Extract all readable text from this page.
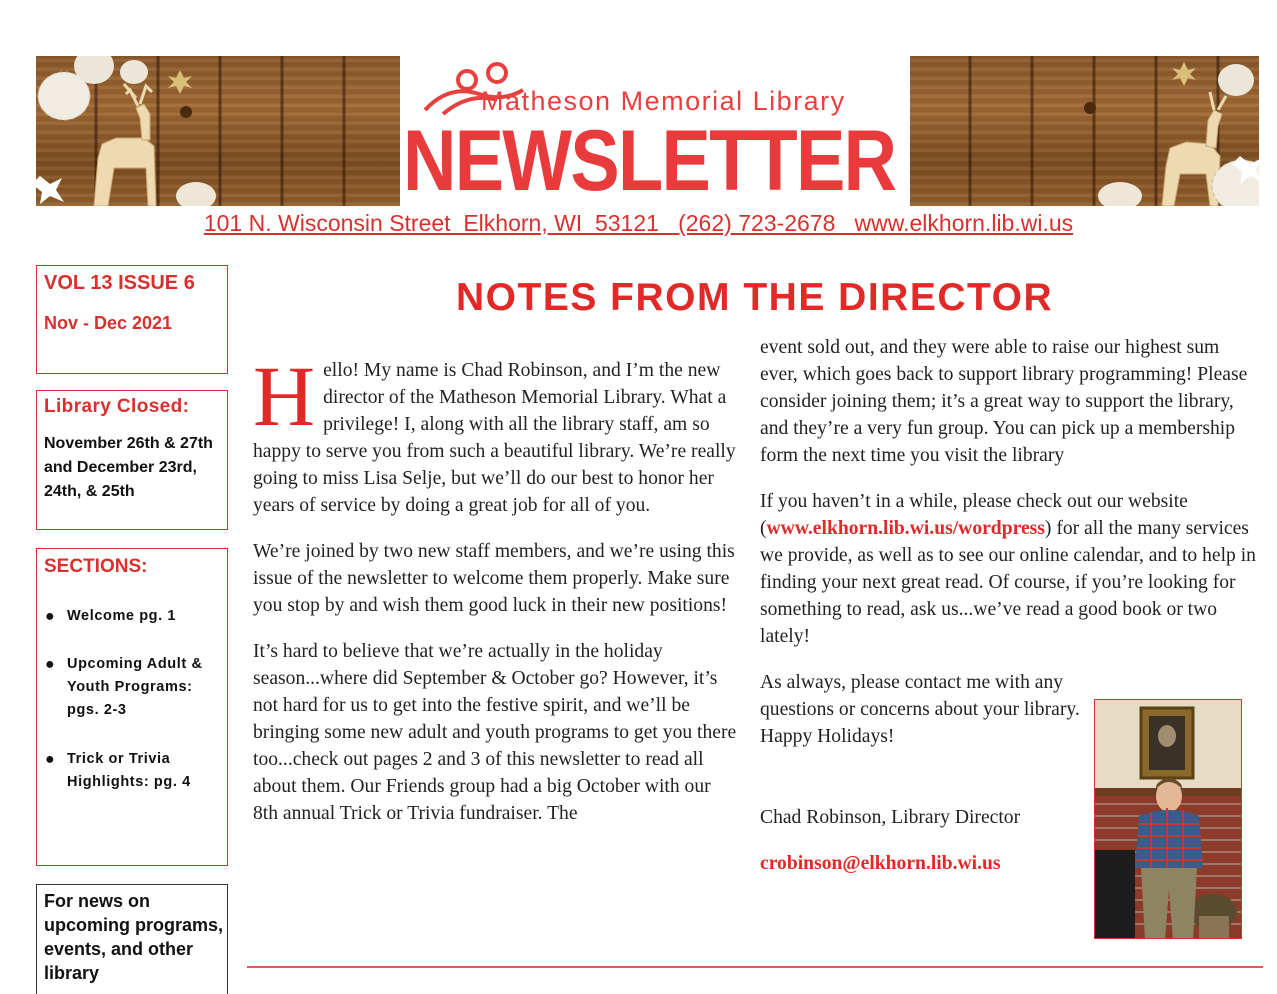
Matheson Memorial Library
NEWSLETTER
101 N. Wisconsin Street  Elkhorn, WI  53121   (262) 723-2678   www.elkhorn.lib.wi.us
VOL 13 ISSUE 6
Nov - Dec 2021
Library Closed:
November 26th & 27th and December 23rd, 24th, & 25th
SECTIONS:
● Welcome pg. 1
● Upcoming Adult & Youth Programs: pgs. 2-3
● Trick or Trivia Highlights: pg. 4
For news on upcoming programs, events, and other library
NOTES FROM THE DIRECTOR

H ello! My name is Chad Robinson, and I’m the new director of the Matheson Memorial Library. What a privilege! I, along with all the library staff, am so happy to serve you from such a beautiful library. We’re really going to miss Lisa Selje, but we’ll do our best to honor her years of service by doing a great job for all of you.

We’re joined by two new staff members, and we’re using this issue of the newsletter to welcome them properly. Make sure you stop by and wish them good luck in their new positions!

It’s hard to believe that we’re actually in the holiday season...where did September & October go? However, it’s not hard for us to get into the festive spirit, and we’ll be bringing some new adult and youth programs to get you there too...check out pages 2 and 3 of this newsletter to read all about them. Our Friends group had a big October with our 8th annual Trick or Trivia fundraiser. The

event sold out, and they were able to raise our highest sum ever, which goes back to support library programming! Please consider joining them; it’s a great way to support the library, and they’re a very fun group. You can pick up a membership form the next time you visit the library

If you haven’t in a while, please check out our website (www.elkhorn.lib.wi.us/wordpress) for all the many services we provide, as well as to see our online calendar, and to help in finding your next great read. Of course, if you’re looking for something to read, ask us...we’ve read a good book or two lately!

As always, please contact me with any questions or concerns about your library. Happy Holidays!

Chad Robinson, Library Director

crobinson@elkhorn.lib.wi.us
